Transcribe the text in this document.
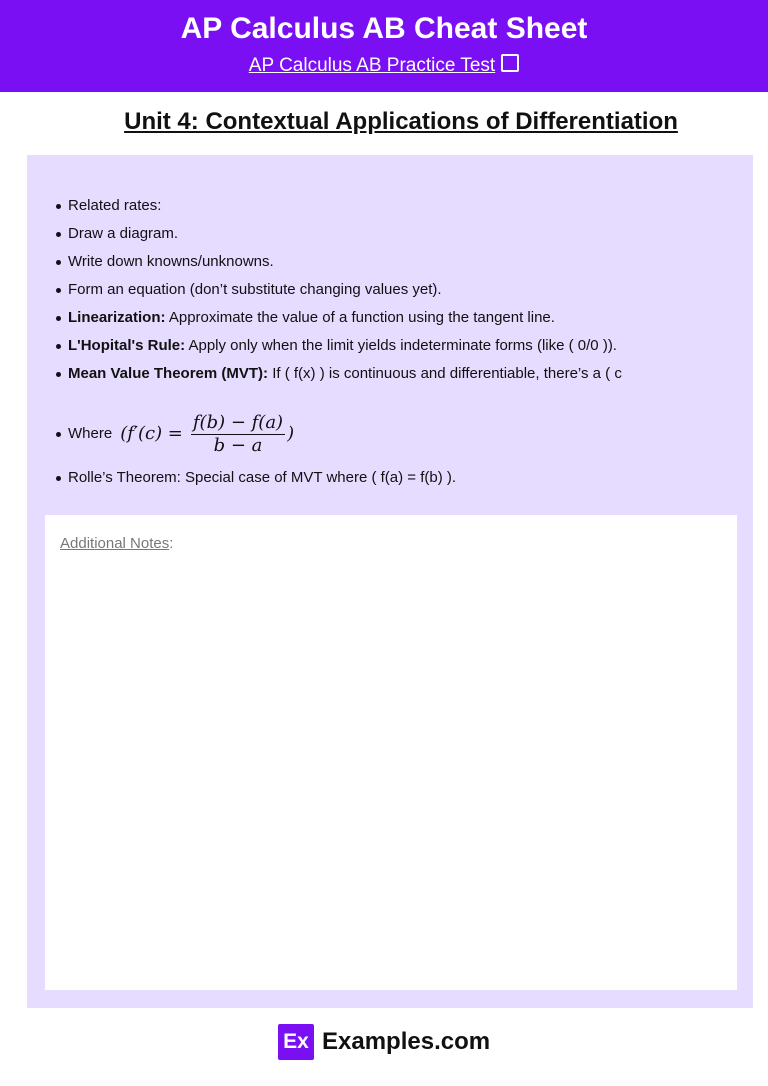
AP Calculus AB Cheat Sheet
AP Calculus AB Practice Test
Unit 4: Contextual Applications of Differentiation
Related rates:
Draw a diagram.
Write down knowns/unknowns.
Form an equation (don’t substitute changing values yet).
Linearization: Approximate the value of a function using the tangent line.
L'Hopital's Rule: Apply only when the limit yields indeterminate forms (like ( 0/0 )).
Mean Value Theorem (MVT): If ( f(x) ) is continuous and differentiable, there’s a ( c
Where ($f'(c) = \frac{f(b) - f(a)}{b - a}$ )
Rolle’s Theorem: Special case of MVT where ( f(a) = f(b) ).
Additional Notes:
Ex Examples.com
